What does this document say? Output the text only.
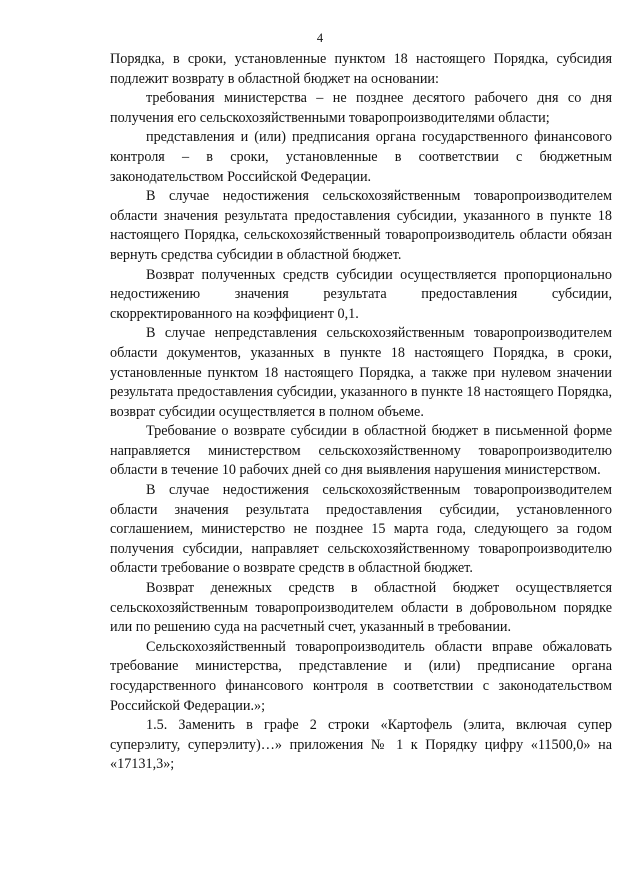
4

Порядка, в сроки, установленные пунктом 18 настоящего Порядка, субсидия подлежит возврату в областной бюджет на основании:

требования министерства – не позднее десятого рабочего дня со дня получения его сельскохозяйственными товаропроизводителями области;

представления и (или) предписания органа государственного финансового контроля – в сроки, установленные в соответствии с бюджетным законодательством Российской Федерации.

В случае недостижения сельскохозяйственным товаропроизводителем области значения результата предоставления субсидии, указанного в пункте 18 настоящего Порядка, сельскохозяйственный товаропроизводитель области обязан вернуть средства субсидии в областной бюджет.

Возврат полученных средств субсидии осуществляется пропорционально недостижению значения результата предоставления субсидии, скорректированного на коэффициент 0,1.

В случае непредставления сельскохозяйственным товаропроизводителем области документов, указанных в пункте 18 настоящего Порядка, в сроки, установленные пунктом 18 настоящего Порядка, а также при нулевом значении результата предоставления субсидии, указанного в пункте 18 настоящего Порядка, возврат субсидии осуществляется в полном объеме.

Требование о возврате субсидии в областной бюджет в письменной форме направляется министерством сельскохозяйственному товаропроизводителю области в течение 10 рабочих дней со дня выявления нарушения министерством.

В случае недостижения сельскохозяйственным товаропроизводителем области значения результата предоставления субсидии, установленного соглашением, министерство не позднее 15 марта года, следующего за годом получения субсидии, направляет сельскохозяйственному товаропроизводителю области требование о возврате средств в областной бюджет.

Возврат денежных средств в областной бюджет осуществляется сельскохозяйственным товаропроизводителем области в добровольном порядке или по решению суда на расчетный счет, указанный в требовании.

Сельскохозяйственный товаропроизводитель области вправе обжаловать требование министерства, представление и (или) предписание органа государственного финансового контроля в соответствии с законодательством Российской Федерации.»;

1.5. Заменить в графе 2 строки «Картофель (элита, включая супер суперэлиту, суперэлиту)…» приложения № 1 к Порядку цифру «11500,0» на «17131,3»;
